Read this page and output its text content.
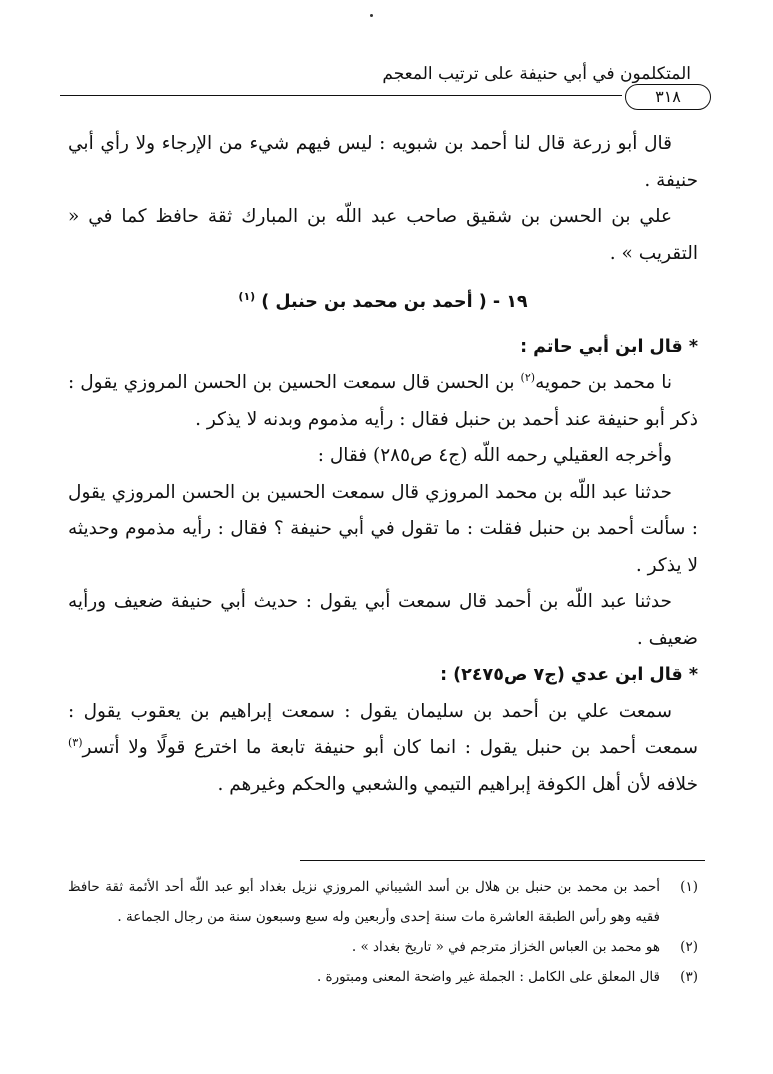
المتكلمون في أبي حنيفة على ترتيب المعجم
٣١٨

قال أبو زرعة قال لنا أحمد بن شبويه : ليس فيهم شيء من الإرجاء ولا رأي أبي حنيفة .

علي بن الحسن بن شقيق صاحب عبد اللّه بن المبارك ثقة حافظ كما في « التقريب » .

١٩ - ( أحمد بن محمد بن حنبل ) $^{(١)}$

* قال ابن أبي حاتم :

نا محمد بن حمويه$^{(٢)}$ بن الحسن قال سمعت الحسين بن الحسن المروزي يقول : ذكر أبو حنيفة عند أحمد بن حنبل فقال : رأيه مذموم وبدنه لا يذكر .

وأخرجه العقيلي رحمه اللّه (ج٤ ص٢٨٥) فقال :

حدثنا عبد اللّه بن محمد المروزي قال سمعت الحسين بن الحسن المروزي يقول : سألت أحمد بن حنبل فقلت : ما تقول في أبي حنيفة ؟ فقال : رأيه مذموم وحديثه لا يذكر .

حدثنا عبد اللّه بن أحمد قال سمعت أبي يقول : حديث أبي حنيفة ضعيف ورأيه ضعيف .

* قال ابن عدي (ج٧ ص٢٤٧٥) :

سمعت علي بن أحمد بن سليمان يقول : سمعت إبراهيم بن يعقوب يقول : سمعت أحمد بن حنبل يقول : انما كان أبو حنيفة تابعة ما اخترع قولًا ولا أتسر$^{(٣)}$ خلافه لأن أهل الكوفة إبراهيم التيمي والشعبي والحكم وغيرهم .

(١)
أحمد بن محمد بن حنبل بن هلال بن أسد الشيباني المروزي نزيل بغداد أبو عبد اللّه أحد الأئمة ثقة حافظ فقيه وهو رأس الطبقة العاشرة مات سنة إحدى وأربعين وله سبع وسبعون سنة من رجال الجماعة .
(٢)
هو محمد بن العباس الخزاز مترجم في « تاريخ بغداد » .
(٣)
قال المعلق على الكامل : الجملة غير واضحة المعنى ومبتورة .
